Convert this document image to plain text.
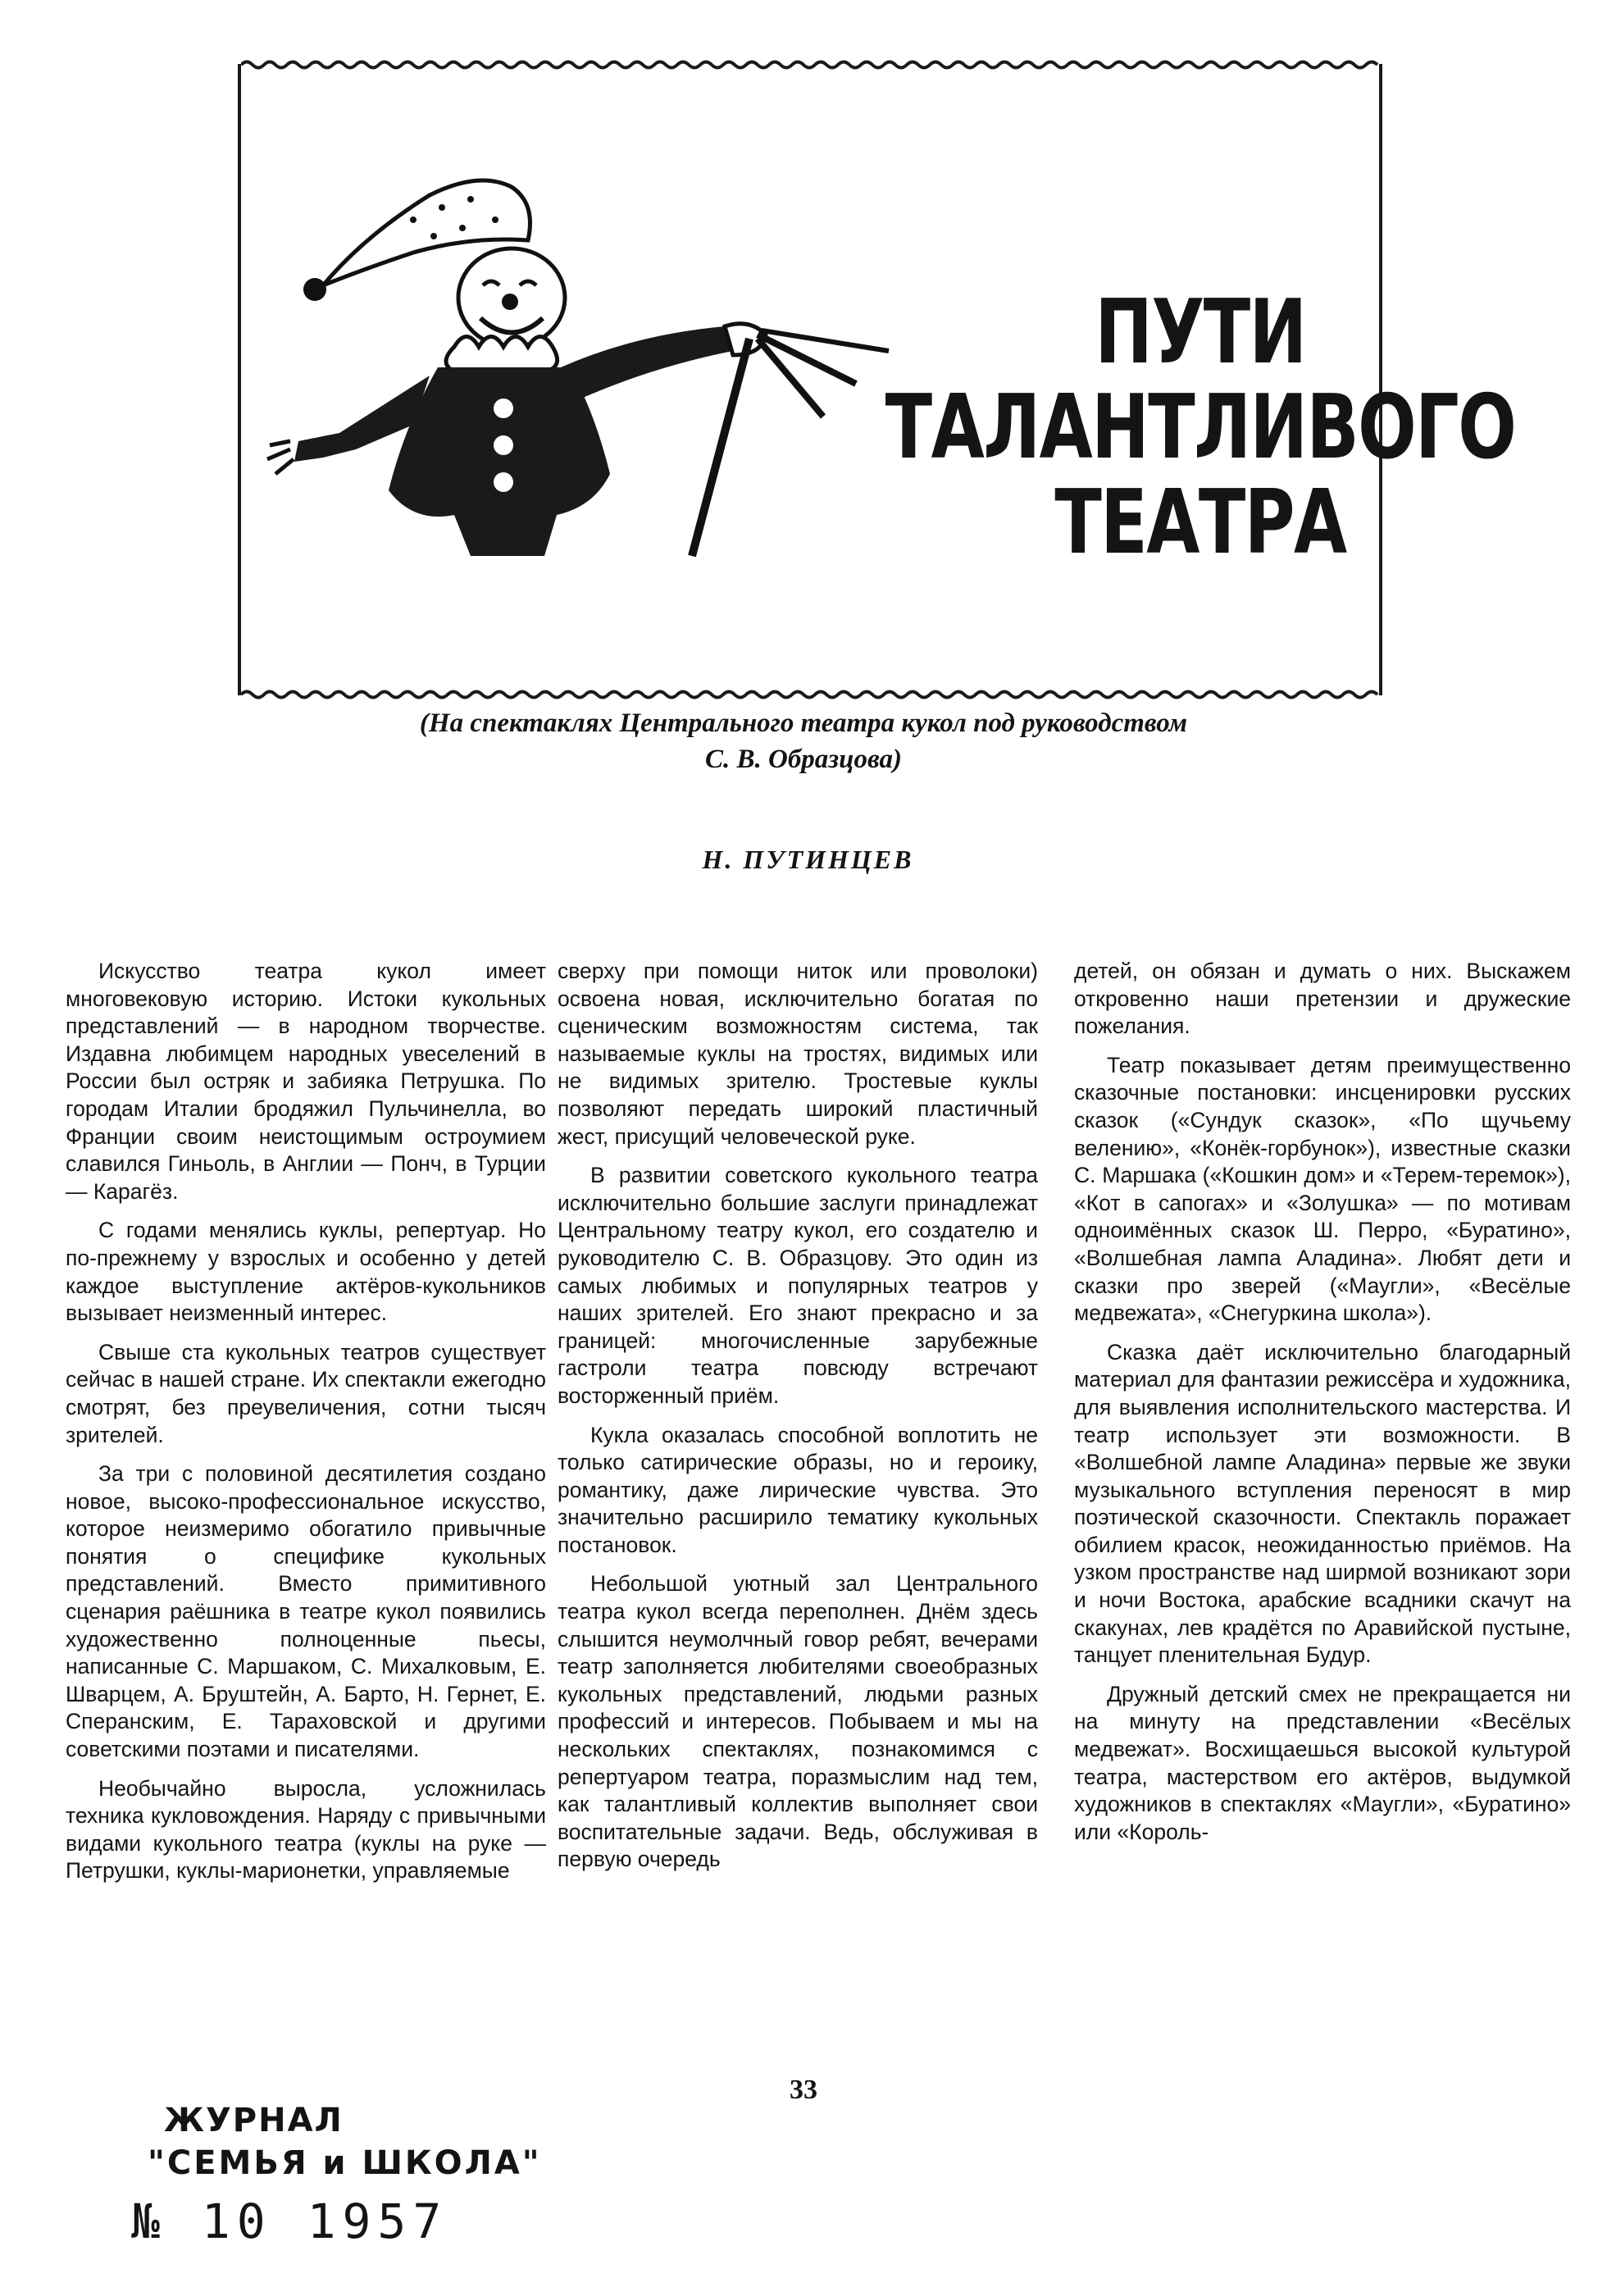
ПУТИ
ТАЛАНТЛИВОГО
ТЕАТРА
(На спектаклях Центрального театра кукол под руководством
С. В. Образцова)
Н. ПУТИНЦЕВ

Искусство театра кукол имеет многовековую историю. Истоки кукольных представлений — в народном творчестве. Издавна любимцем народных увеселений в России был остряк и забияка Петрушка. По городам Италии бродяжил Пульчинелла, во Франции своим неистощимым остроумием славился Гиньоль, в Англии — Понч, в Турции — Карагёз.

С годами менялись куклы, репертуар. Но по-прежнему у взрослых и особенно у детей каждое выступление актёров-кукольников вызывает неизменный интерес.

Свыше ста кукольных театров существует сейчас в нашей стране. Их спектакли ежегодно смотрят, без преувеличения, сотни тысяч зрителей.

За три с половиной десятилетия создано новое, высоко-профессиональное искусство, которое неизмеримо обогатило привычные понятия о специфике кукольных представлений. Вместо примитивного сценария раёшника в театре кукол появились художественно полноценные пьесы, написанные С. Маршаком, С. Михалковым, Е. Шварцем, А. Бруштейн, А. Барто, Н. Гернет, Е. Сперанским, Е. Тараховской и другими советскими поэтами и писателями.

Необычайно выросла, усложнилась техника кукловождения. Наряду с привычными видами кукольного театра (куклы на руке — Петрушки, куклы-марионетки, управляемые

сверху при помощи ниток или проволоки) освоена новая, исключительно богатая по сценическим возможностям система, так называемые куклы на тростях, видимых или не видимых зрителю. Тростевые куклы позволяют передать широкий пластичный жест, присущий человеческой руке.

В развитии советского кукольного театра исключительно большие заслуги принадлежат Центральному театру кукол, его создателю и руководителю С. В. Образцову. Это один из самых любимых и популярных театров у наших зрителей. Его знают прекрасно и за границей: многочисленные зарубежные гастроли театра повсюду встречают восторженный приём.

Кукла оказалась способной воплотить не только сатирические образы, но и героику, романтику, даже лирические чувства. Это значительно расширило тематику кукольных постановок.

Небольшой уютный зал Центрального театра кукол всегда переполнен. Днём здесь слышится неумолчный говор ребят, вечерами театр заполняется любителями своеобразных кукольных представлений, людьми разных профессий и интересов. Побываем и мы на нескольких спектаклях, познакомимся с репертуаром театра, поразмыслим над тем, как талантливый коллектив выполняет свои воспитательные задачи. Ведь, обслуживая в первую очередь

детей, он обязан и думать о них. Выскажем откровенно наши претензии и дружеские пожелания.

Театр показывает детям преимущественно сказочные постановки: инсценировки русских сказок («Сундук сказок», «По щучьему велению», «Конёк-горбунок»), известные сказки С. Маршака («Кошкин дом» и «Терем-теремок»), «Кот в сапогах» и «Золушка» — по мотивам одноимённых сказок Ш. Перро, «Буратино», «Волшебная лампа Аладина». Любят дети и сказки про зверей («Маугли», «Весёлые медвежата», «Снегуркина школа»).

Сказка даёт исключительно благодарный материал для фантазии режиссёра и художника, для выявления исполнительского мастерства. И театр использует эти возможности. В «Волшебной лампе Аладина» первые же звуки музыкального вступления переносят в мир поэтической сказочности. Спектакль поражает обилием красок, неожиданностью приёмов. На узком пространстве над ширмой возникают зори и ночи Востока, арабские всадники скачут на скакунах, лев крадётся по Аравийской пустыне, танцует пленительная Будур.

Дружный детский смех не прекращается ни на минуту на представлении «Весёлых медвежат». Восхищаешься высокой культурой театра, мастерством его актёров, выдумкой художников в спектаклях «Маугли», «Буратино» или «Король-

33
ЖУРНАЛ
"СЕМЬЯ и ШКОЛА"
№ 10 1957
